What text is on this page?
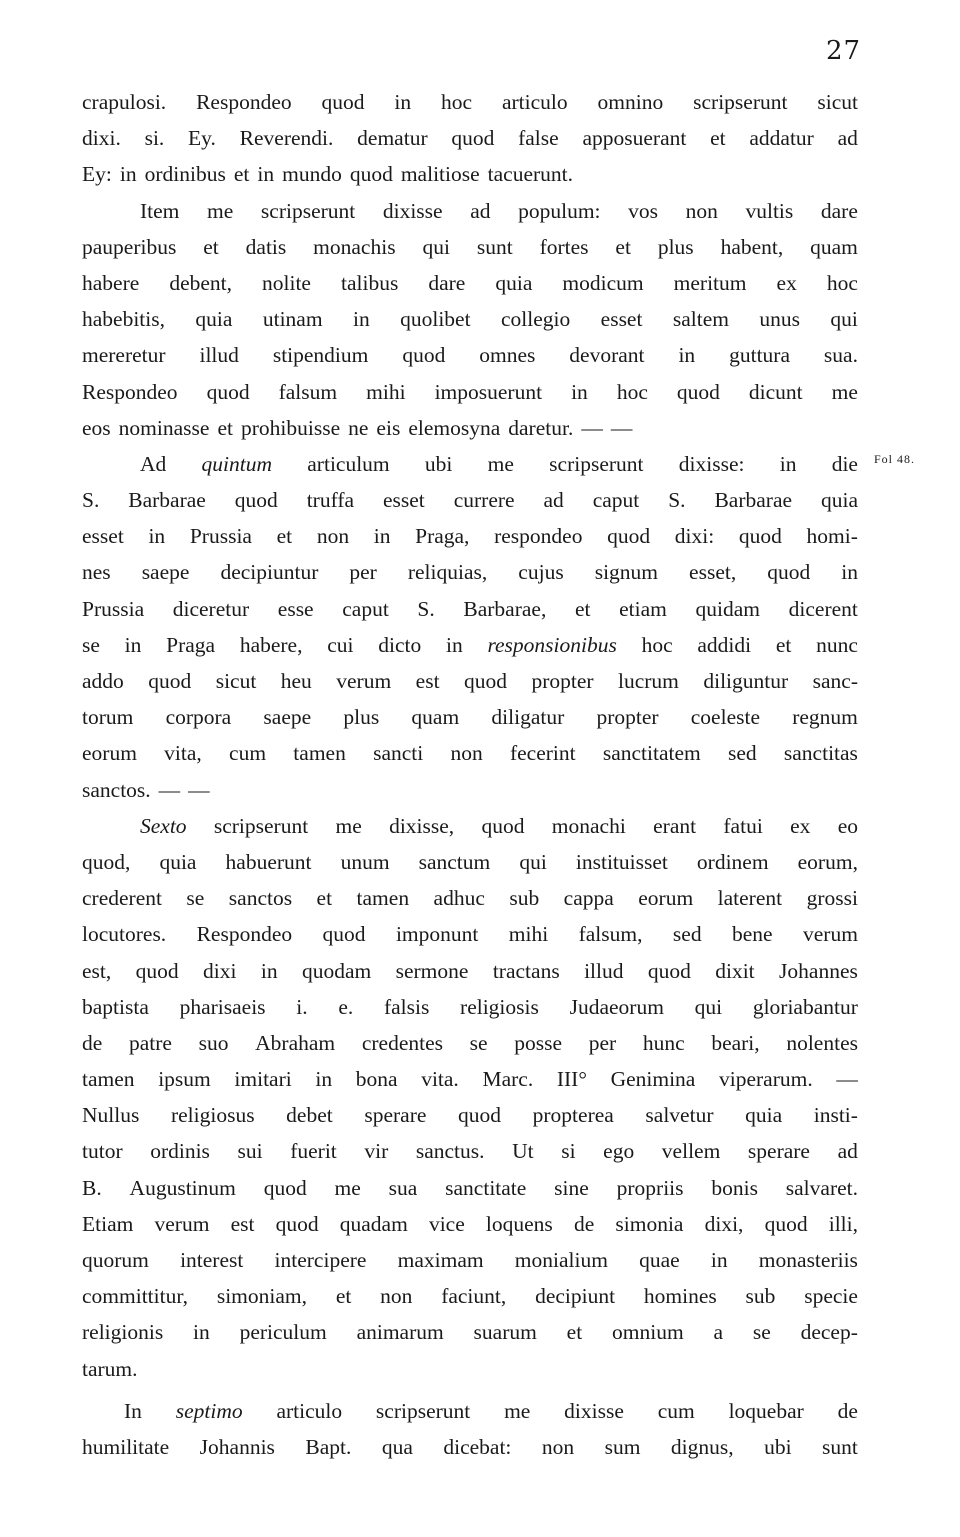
27
crapulosi. Respondeo quod in hoc articulo omnino scripserunt sicut
dixi. si. Ey. Reverendi. dematur quod false apposuerant et addatur ad
Ey: in ordinibus et in mundo quod malitiose tacuerunt.
Item me scripserunt dixisse ad populum: vos non vultis dare
pauperibus et datis monachis qui sunt fortes et plus habent, quam
habere debent, nolite talibus dare quia modicum meritum ex hoc
habebitis, quia utinam in quolibet collegio esset saltem unus qui
mereretur illud stipendium quod omnes devorant in guttura sua.
Respondeo quod falsum mihi imposuerunt in hoc quod dicunt me
eos nominasse et prohibuisse ne eis elemosyna daretur. — —
Ad quintum articulum ubi me scripserunt dixisse: in die
S. Barbarae quod truffa esset currere ad caput S. Barbarae quia
esset in Prussia et non in Praga, respondeo quod dixi: quod homi-
nes saepe decipiuntur per reliquias, cujus signum esset, quod in
Prussia diceretur esse caput S. Barbarae, et etiam quidam dicerent
se in Praga habere, cui dicto in responsionibus hoc addidi et nunc
addo quod sicut heu verum est quod propter lucrum diliguntur sanc-
torum corpora saepe plus quam diligatur propter coeleste regnum
eorum vita, cum tamen sancti non fecerint sanctitatem sed sanctitas
sanctos. — —
Sexto scripserunt me dixisse, quod monachi erant fatui ex eo
quod, quia habuerunt unum sanctum qui instituisset ordinem eorum,
crederent se sanctos et tamen adhuc sub cappa eorum laterent grossi
locutores. Respondeo quod imponunt mihi falsum, sed bene verum
est, quod dixi in quodam sermone tractans illud quod dixit Johannes
baptista pharisaeis i. e. falsis religiosis Judaeorum qui gloriabantur
de patre suo Abraham credentes se posse per hunc beari, nolentes
tamen ipsum imitari in bona vita. Marc. III° Genimina viperarum. —
Nullus religiosus debet sperare quod propterea salvetur quia insti-
tutor ordinis sui fuerit vir sanctus. Ut si ego vellem sperare ad
B. Augustinum quod me sua sanctitate sine propriis bonis salvaret.
Etiam verum est quod quadam vice loquens de simonia dixi, quod illi,
quorum interest intercipere maximam monialium quae in monasteriis
committitur, simoniam, et non faciunt, decipiunt homines sub specie
religionis in periculum animarum suarum et omnium a se decep-
tarum.
In septimo articulo scripserunt me dixisse cum loquebar de
humilitate Johannis Bapt. qua dicebat: non sum dignus, ubi sunt
Fol 48.
